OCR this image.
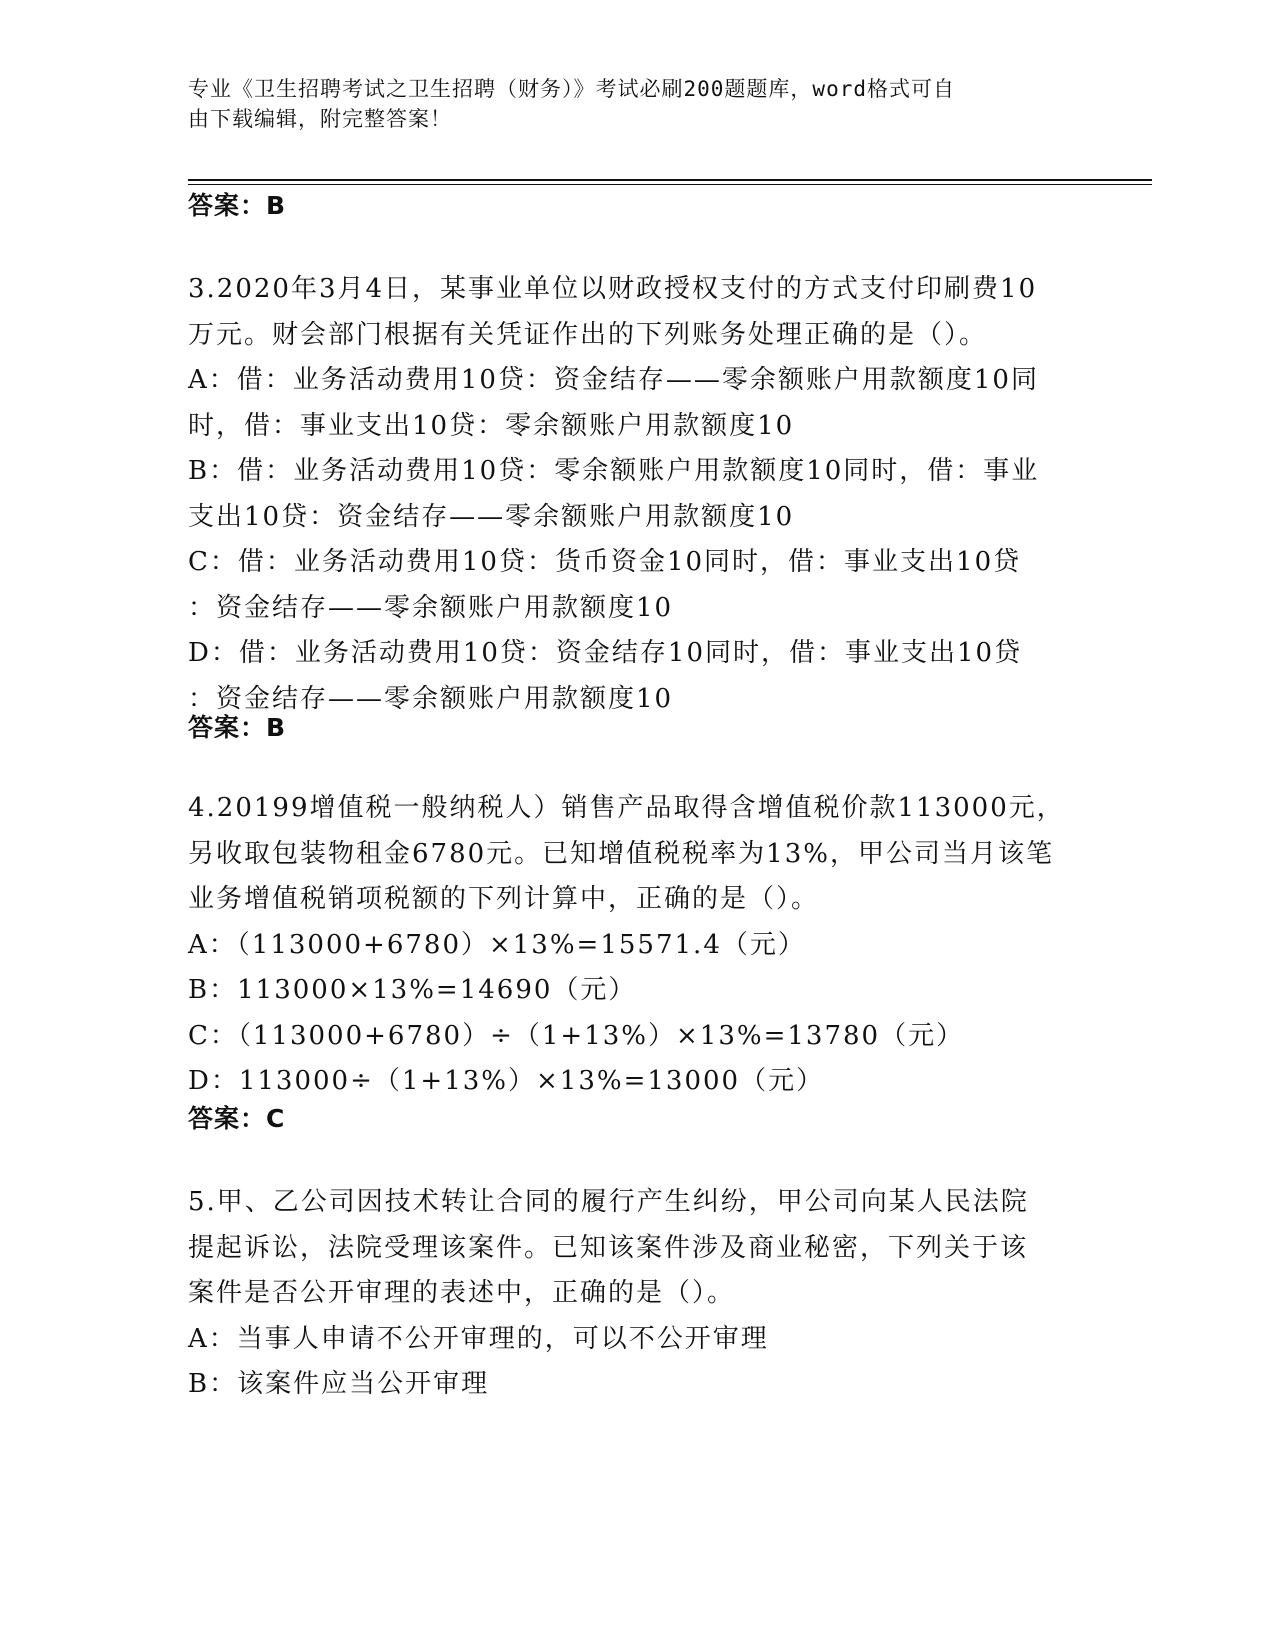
专业《卫生招聘考试之卫生招聘（财务）》考试必刷200题题库，word格式可自
由下载编辑，附完整答案！
答案：B
3.2020年3月4日，某事业单位以财政授权支付的方式支付印刷费10
万元。财会部门根据有关凭证作出的下列账务处理正确的是（）。
A：借：业务活动费用10贷：资金结存——零余额账户用款额度10同
时，借：事业支出10贷：零余额账户用款额度10
B：借：业务活动费用10贷：零余额账户用款额度10同时，借：事业
支出10贷：资金结存——零余额账户用款额度10
C：借：业务活动费用10贷：货币资金10同时，借：事业支出10贷
：资金结存——零余额账户用款额度10
D：借：业务活动费用10贷：资金结存10同时，借：事业支出10贷
：资金结存——零余额账户用款额度10
答案：B
4.20199增值税一般纳税人）销售产品取得含增值税价款113000元，
另收取包装物租金6780元。已知增值税税率为13%，甲公司当月该笔
业务增值税销项税额的下列计算中，正确的是（）。
A：（113000+6780）×13%=15571.4（元）
B：113000×13%=14690（元）
C：（113000+6780）÷（1+13%）×13%=13780（元）
D：113000÷（1+13%）×13%=13000（元）
答案：C
5.甲、乙公司因技术转让合同的履行产生纠纷，甲公司向某人民法院
提起诉讼，法院受理该案件。已知该案件涉及商业秘密，下列关于该
案件是否公开审理的表述中，正确的是（）。
A：当事人申请不公开审理的，可以不公开审理
B：该案件应当公开审理
